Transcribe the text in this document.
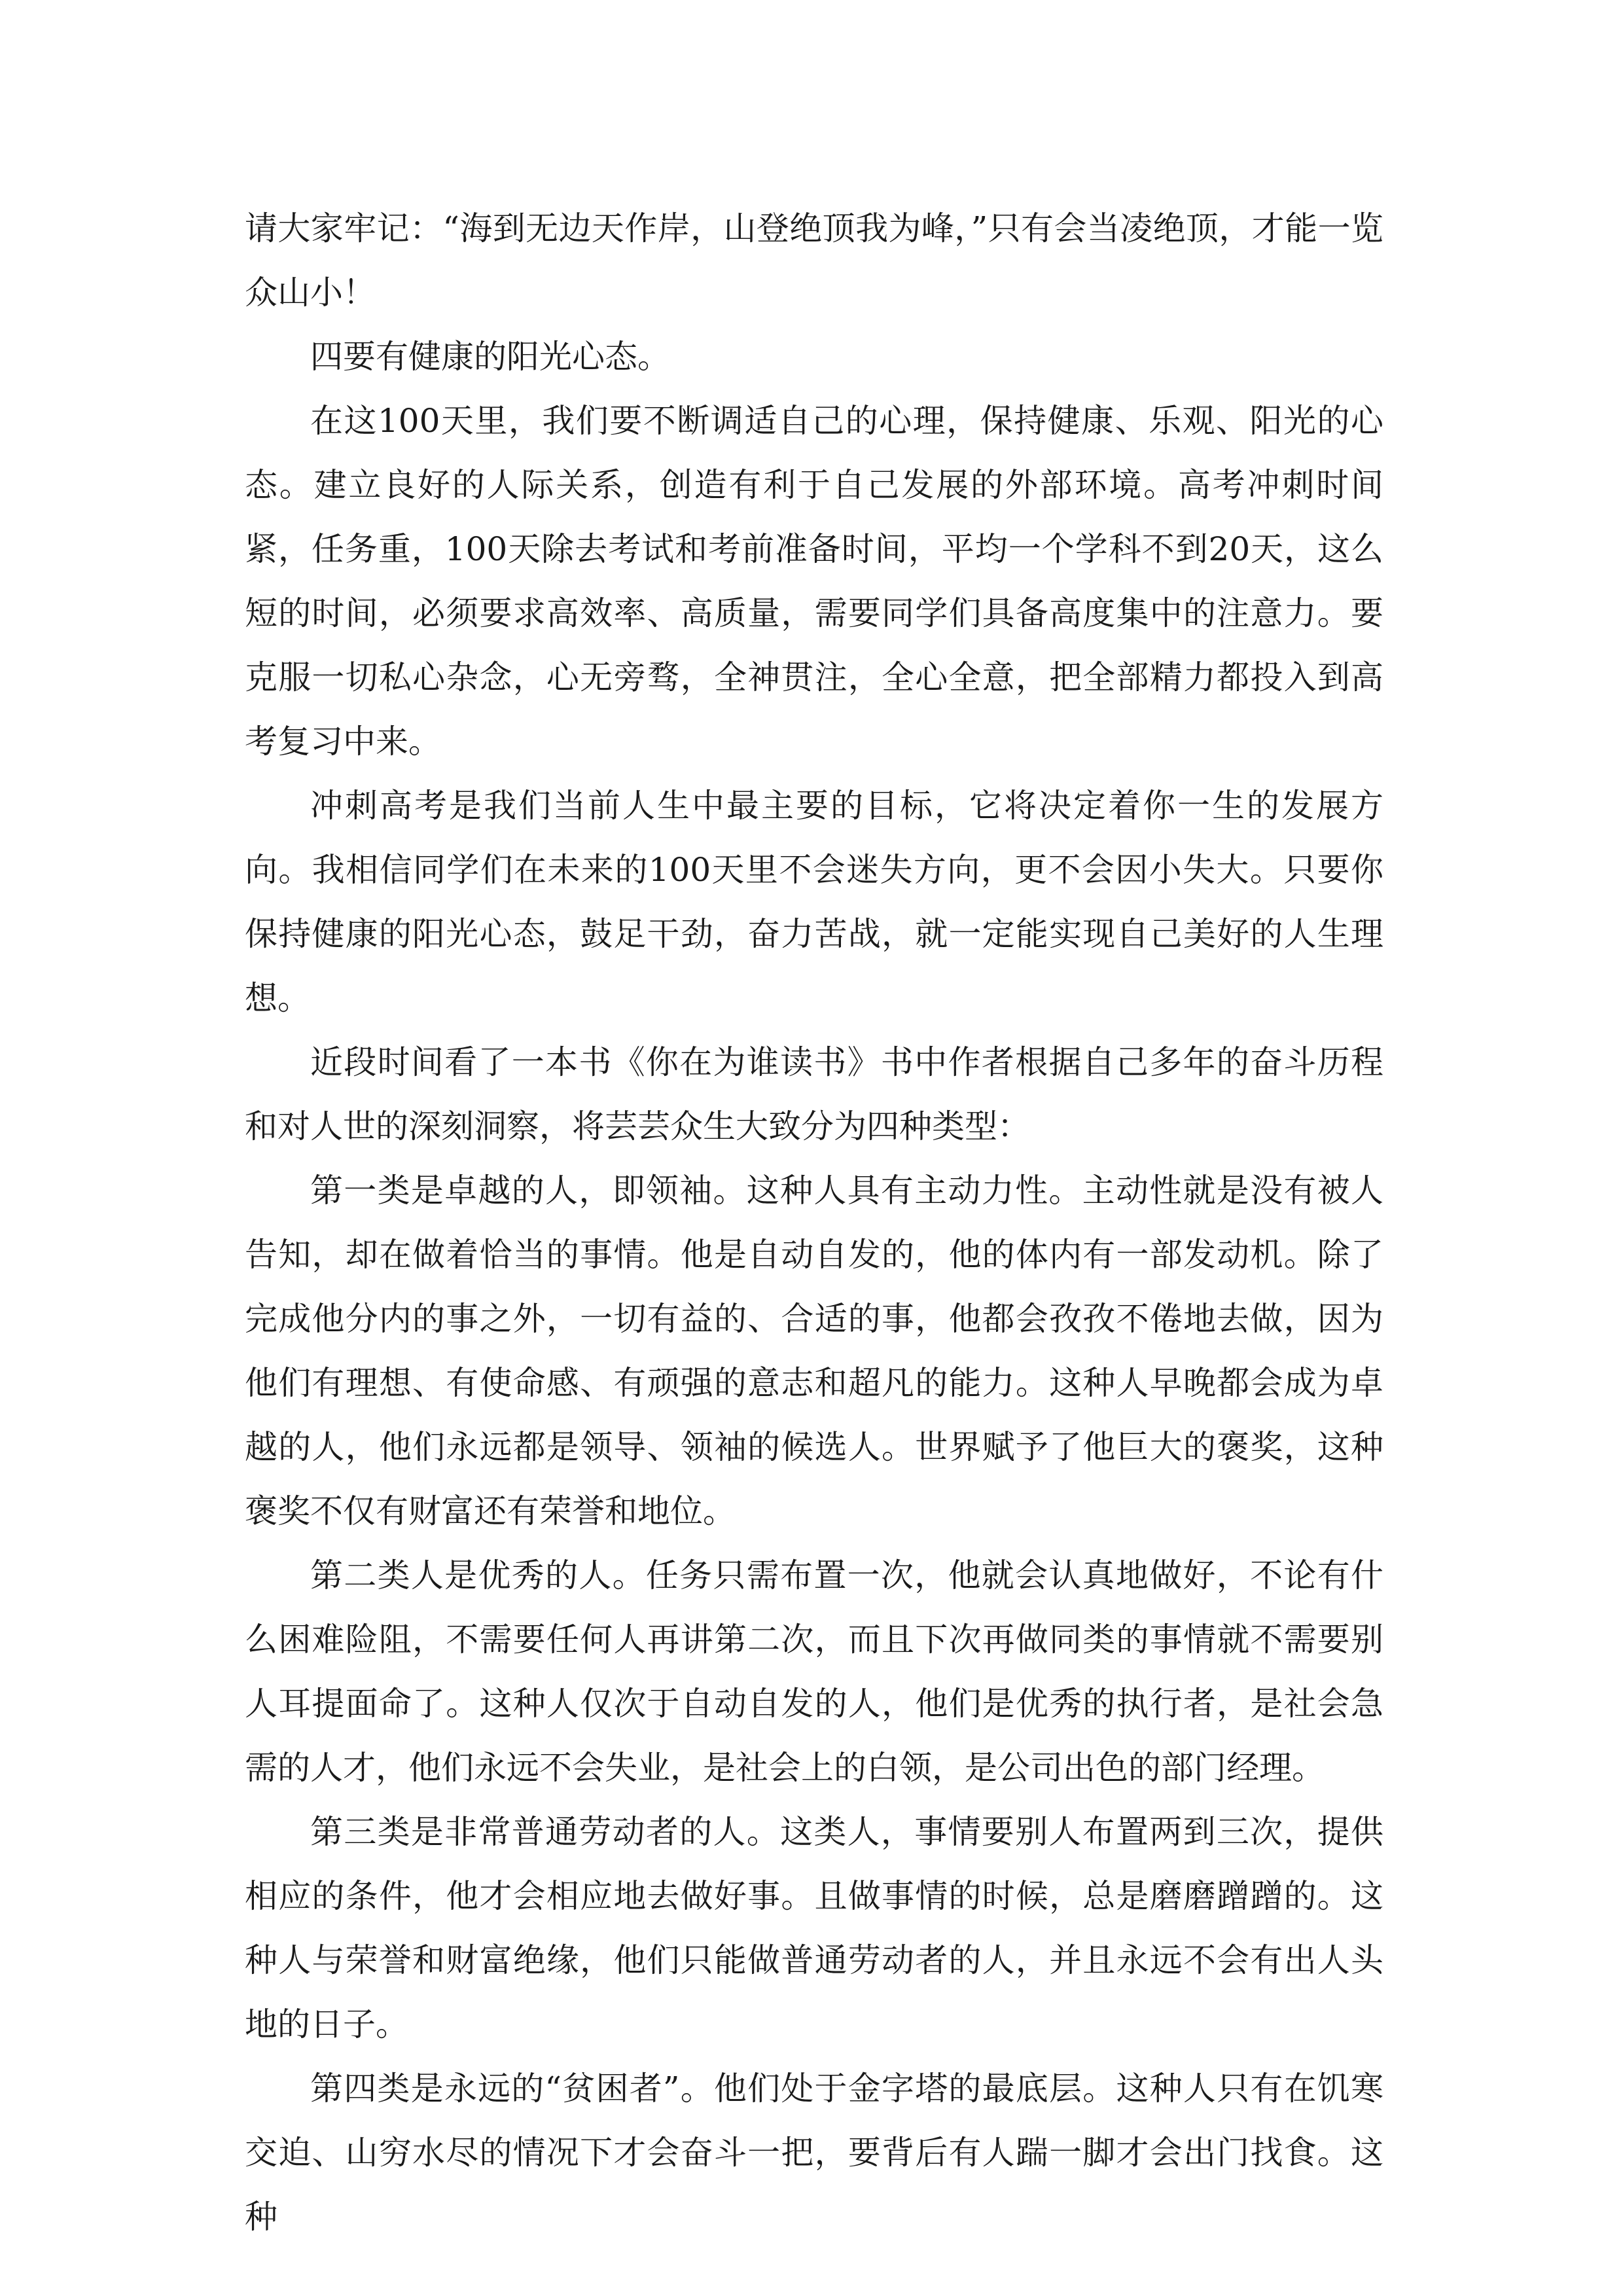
请大家牢记：“海到无边天作岸，山登绝顶我为峰，”只有会当凌绝顶，才能一览众山小！

四要有健康的阳光心态。

在这100天里，我们要不断调适自己的心理，保持健康、乐观、阳光的心态。建立良好的人际关系，创造有利于自己发展的外部环境。高考冲刺时间紧，任务重，100天除去考试和考前准备时间，平均一个学科不到20天，这么短的时间，必须要求高效率、高质量，需要同学们具备高度集中的注意力。要克服一切私心杂念，心无旁骛，全神贯注，全心全意，把全部精力都投入到高考复习中来。

冲刺高考是我们当前人生中最主要的目标，它将决定着你一生的发展方向。我相信同学们在未来的100天里不会迷失方向，更不会因小失大。只要你保持健康的阳光心态，鼓足干劲，奋力苦战，就一定能实现自己美好的人生理想。

近段时间看了一本书《你在为谁读书》书中作者根据自己多年的奋斗历程和对人世的深刻洞察，将芸芸众生大致分为四种类型：

第一类是卓越的人，即领袖。这种人具有主动力性。主动性就是没有被人告知，却在做着恰当的事情。他是自动自发的，他的体内有一部发动机。除了完成他分内的事之外，一切有益的、合适的事，他都会孜孜不倦地去做，因为他们有理想、有使命感、有顽强的意志和超凡的能力。这种人早晚都会成为卓越的人，他们永远都是领导、领袖的候选人。世界赋予了他巨大的褒奖，这种褒奖不仅有财富还有荣誉和地位。

第二类人是优秀的人。任务只需布置一次，他就会认真地做好，不论有什么困难险阻，不需要任何人再讲第二次，而且下次再做同类的事情就不需要别人耳提面命了。这种人仅次于自动自发的人，他们是优秀的执行者，是社会急需的人才，他们永远不会失业，是社会上的白领，是公司出色的部门经理。

第三类是非常普通劳动者的人。这类人，事情要别人布置两到三次，提供相应的条件，他才会相应地去做好事。且做事情的时候，总是磨磨蹭蹭的。这种人与荣誉和财富绝缘，他们只能做普通劳动者的人，并且永远不会有出人头地的日子。

第四类是永远的“贫困者”。他们处于金字塔的最底层。这种人只有在饥寒交迫、山穷水尽的情况下才会奋斗一把，要背后有人踹一脚才会出门找食。这种
